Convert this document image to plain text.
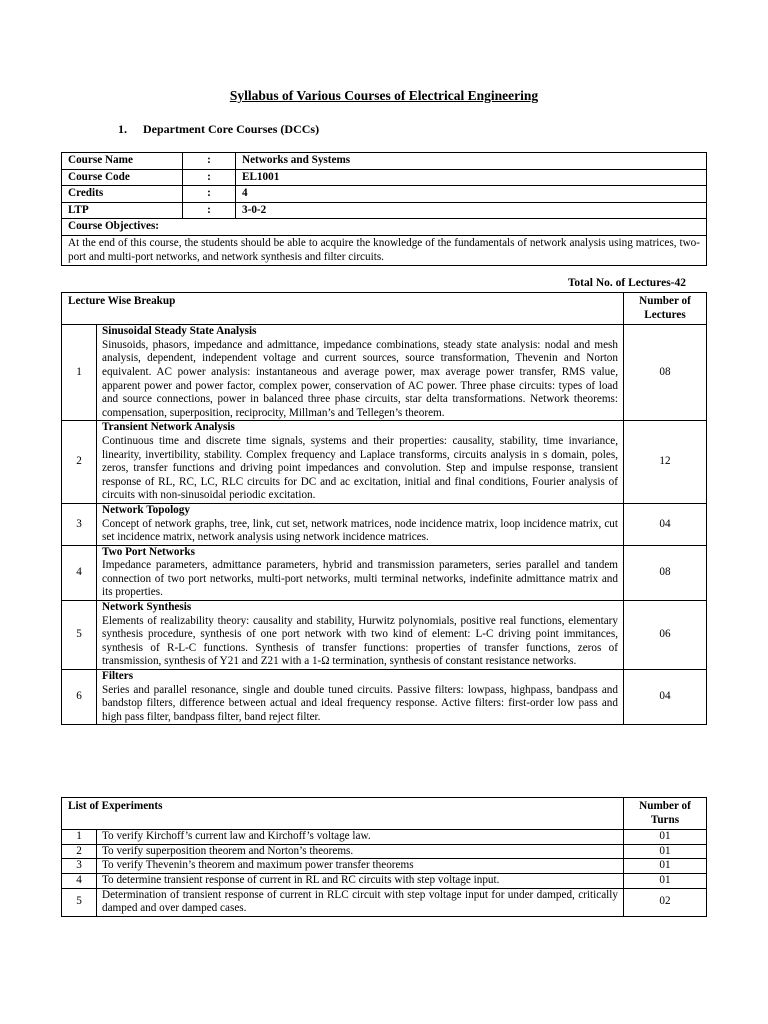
Syllabus of Various Courses of Electrical Engineering
1. Department Core Courses (DCCs)
Course Name	:	Networks and Systems
Course Code	:	EL1001
Credits	:	4
LTP	:	3-0-2
Course Objectives:		
At the end of this course, the students should be able to acquire the knowledge of the fundamentals of network analysis using matrices, two-port and multi-port networks, and network synthesis and filter circuits.		
Total No. of Lectures-42
Lecture Wise Breakup		Number of Lectures
1	Sinusoidal Steady State Analysis
Sinusoids, phasors, impedance and admittance, impedance combinations, steady state analysis: nodal and mesh analysis, dependent, independent voltage and current sources, source transformation, Thevenin and Norton equivalent. AC power analysis: instantaneous and average power, max average power transfer, RMS value, apparent power and power factor, complex power, conservation of AC power. Three phase circuits: types of load and source connections, power in balanced three phase circuits, star delta transformations. Network theorems: compensation, superposition, reciprocity, Millman’s and Tellegen’s theorem.	08
2	Transient Network Analysis
Continuous time and discrete time signals, systems and their properties: causality, stability, time invariance, linearity, invertibility, stability. Complex frequency and Laplace transforms, circuits analysis in s domain, poles, zeros, transfer functions and driving point impedances and convolution. Step and impulse response, transient response of RL, RC, LC, RLC circuits for DC and ac excitation, initial and final conditions, Fourier analysis of circuits with non-sinusoidal periodic excitation.	12
3	Network Topology
Concept of network graphs, tree, link, cut set, network matrices, node incidence matrix, loop incidence matrix, cut set incidence matrix, network analysis using network incidence matrices.	04
4	Two Port Networks
Impedance parameters, admittance parameters, hybrid and transmission parameters, series parallel and tandem connection of two port networks, multi-port networks, multi terminal networks, indefinite admittance matrix and its properties.	08
5	Network Synthesis
Elements of realizability theory: causality and stability, Hurwitz polynomials, positive real functions, elementary synthesis procedure, synthesis of one port network with two kind of element: L-C driving point immitances, synthesis of R-L-C functions. Synthesis of transfer functions: properties of transfer functions, zeros of transmission, synthesis of Y21 and Z21 with a 1-Ω termination, synthesis of constant resistance networks.	06
6	Filters
Series and parallel resonance, single and double tuned circuits. Passive filters: lowpass, highpass, bandpass and bandstop filters, difference between actual and ideal frequency response. Active filters: first-order low pass and high pass filter, bandpass filter, band reject filter.	04
List of Experiments		Number of Turns
1	To verify Kirchoff’s current law and Kirchoff’s voltage law.	01
2	To verify superposition theorem and Norton’s theorems.	01
3	To verify Thevenin’s theorem and maximum power transfer theorems	01
4	To determine transient response of current in RL and RC circuits with step voltage input.	01
5	Determination of transient response of current in RLC circuit with step voltage input for under damped, critically damped and over damped cases.	02
